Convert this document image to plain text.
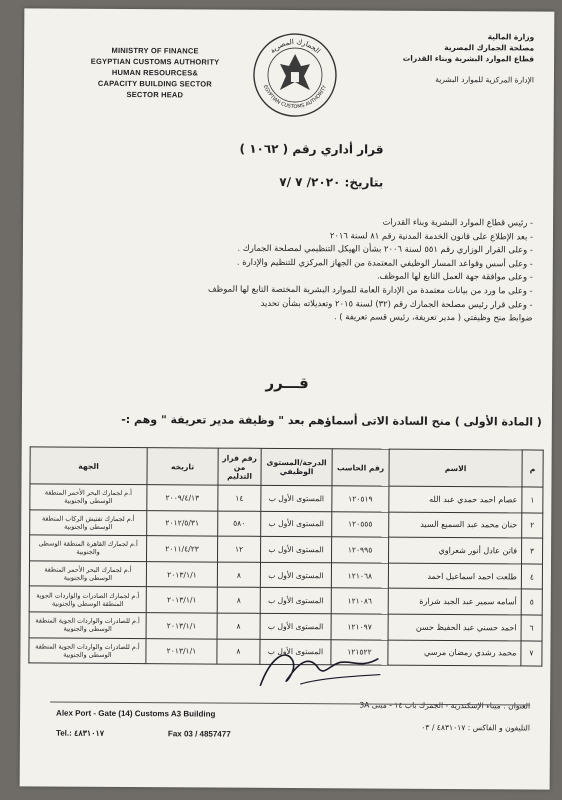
MINISTRY OF FINANCE
EGYPTIAN CUSTOMS AUTHORITY
HUMAN RESOURCES&
CAPACITY BUILDING SECTOR
SECTOR HEAD
الجمارك المصرية
EGYPTIAN CUSTOMS AUTHORITY
وزارة المالية
مصلحة الجمارك المصرية
قطاع الموارد البشرية وبناء القدرات
الإدارة المركزية للموارد البشرية
قرار أداري رقم ( ١٠٦٢ )
بتاريخ: ٢٠٢٠/ ٧ /٧
- رئيس قطاع الموارد البشرية وبناء القدرات
- بعد الإطلاع على قانون الخدمة المدنية رقم ٨١ لسنة ٢٠١٦
- وعلى القرار الوزاري رقم ٥٥١ لسنة ٢٠٠٦ بشأن الهيكل التنظيمي لمصلحة الجمارك .
- وعلى أسس وقواعد المسار الوظيفي المعتمدة من الجهاز المركزي للتنظيم والإدارة .
- وعلى موافقة جهة العمل التابع لها الموظف.
- وعلى ما ورد من بيانات معتمدة من الإدارة العامة للموارد البشرية المختصة التابع لها الموظف
- وعلى قرار رئيس مصلحة الجمارك رقم (٣٢) لسنة ٢٠١٥ وتعديلاته بشأن تحديد
ضوابط منح وظيفتي ( مدير تعريفة، رئيس قسم تعريفة ) .
قـــرر
( المادة الأولى ) منح السادة الاتى أسماؤهم بعد " وظيفة مدير تعريفة " وهم :-
م	الاسم	رقم الحاسب	الدرجة/المستوى الوظيفي	رقم قرار من التدليم	تاريخه	الجهة
١	عصام احمد حمدي عبد الله	١٢٠٥١٩	المستوى الأول ب	١٤	٢٠٠٩/٤/١٣	أ.م لجمارك البحر الأحمر المنطقة الوسطى والجنوبية
٢	حنان محمد عبد السميع السيد	١٢٠٥٥٥	المستوى الأول ب	٥٨٠	٢٠١٢/٥/٣١	أ.م لجمارك تفتيش الركاب المنطقة الوسطى والجنوبية
٣	فاتن عادل أنور شعراوي	١٢٠٩٩٥	المستوى الأول ب	١٢	٢٠١١/٤/٢٣	أ.م لجمارك القاهرة المنطقة الوسطى والجنوبية
٤	طلعت احمد اسماعيل احمد	١٢١٠٦٨	المستوى الأول ب	٨	٢٠١٣/١/١	أ.م لجمارك البحر الأحمر المنطقة الوسطى والجنوبية
٥	أسامه سمير عبد الجيد شرارة	١٢١٠٨٦	المستوى الأول ب	٨	٢٠١٣/١/١	أ.م لجمارك الصادرات والواردات الجوية المنطقة الوسطى والجنوبية
٦	احمد حسني عبد الحفيظ حسن	١٢١٠٩٧	المستوى الأول ب	٨	٢٠١٣/١/١	أ.م للصادرات والواردات الجوية المنطقة الوسطى والجنوبية
٧	محمد رشدي رمضان مرسي	١٢١٥٢٢	المستوى الأول ب	٨	٢٠١٣/١/١	أ.م للصادرات والواردات الجوية المنطقة الوسطى والجنوبية
العنوان : ميناء الإسكندرية - الجمرك باب ١٤ - مبنى 3A
Alex Port - Gate (14) Customs A3 Building
التليفون و الفاكس : ٤٨٣١٠١٧ / ٠٣
Tel.: ٤٨٣١٠١٧	Fax 03 / 4857477
